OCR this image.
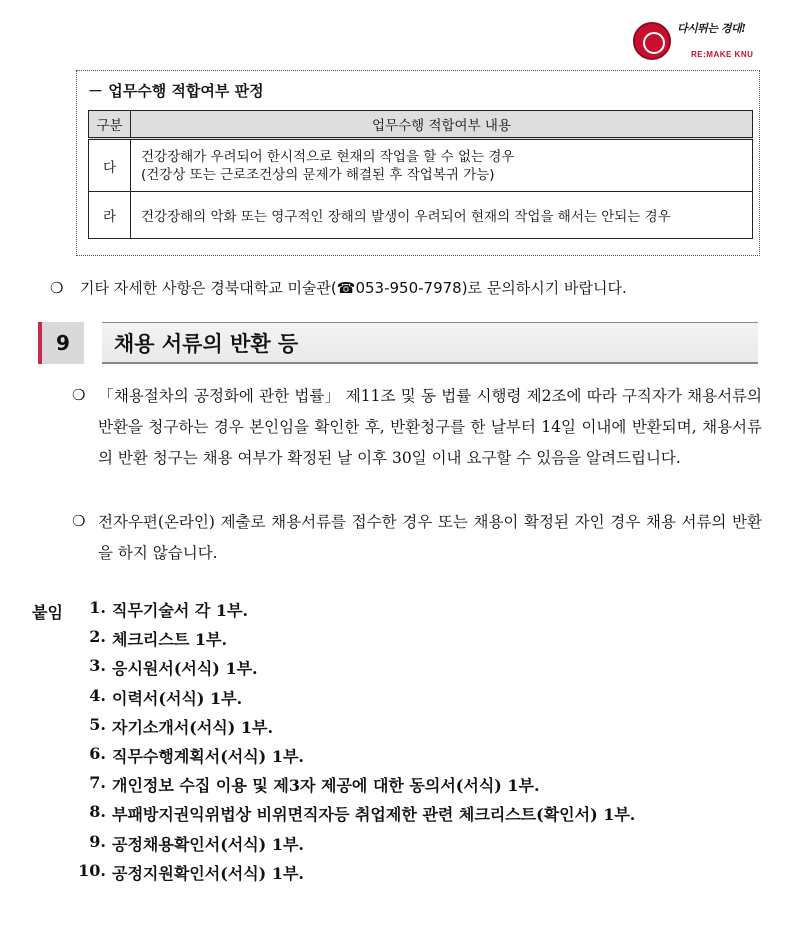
다시뛰는 경대!
RE:MAKE KNU
－ 업무수행 적합여부 판정
구분	업무수행 적합여부 내용
다	건강장해가 우려되어 한시적으로 현재의 작업을 할 수 없는 경우
(건강상 또는 근로조건상의 문제가 해결된 후 작업복귀 가능)

라	건강장해의 악화 또는 영구적인 장해의 발생이 우려되어 현재의 작업을 해서는 안되는 경우
❍ 기타 자세한 사항은 경북대학교 미술관(☎053-950-7978)로 문의하시기 바랍니다.
9	채용 서류의 반환 등
❍ 「채용절차의 공정화에 관한 법률」 제11조 및 동 법률 시행령 제2조에 따라 구직자가 채용서류의 반환을 청구하는 경우 본인임을 확인한 후, 반환청구를 한 날부터 14일 이내에 반환되며, 채용서류의 반환 청구는 채용 여부가 확정된 날 이후 30일 이내 요구할 수 있음을 알려드립니다.
❍ 전자우편(온라인) 제출로 채용서류를 접수한 경우 또는 채용이 확정된 자인 경우 채용 서류의 반환을 하지 않습니다.
붙임	1. 직무기술서 각 1부.
2. 체크리스트 1부.
3. 응시원서(서식) 1부.
4. 이력서(서식) 1부.
5. 자기소개서(서식) 1부.
6. 직무수행계획서(서식) 1부.
7. 개인정보 수집 이용 및 제3자 제공에 대한 동의서(서식) 1부.
8. 부패방지권익위법상 비위면직자등 취업제한 관련 체크리스트(확인서) 1부.
9. 공정채용확인서(서식) 1부.
10. 공정지원확인서(서식) 1부.
